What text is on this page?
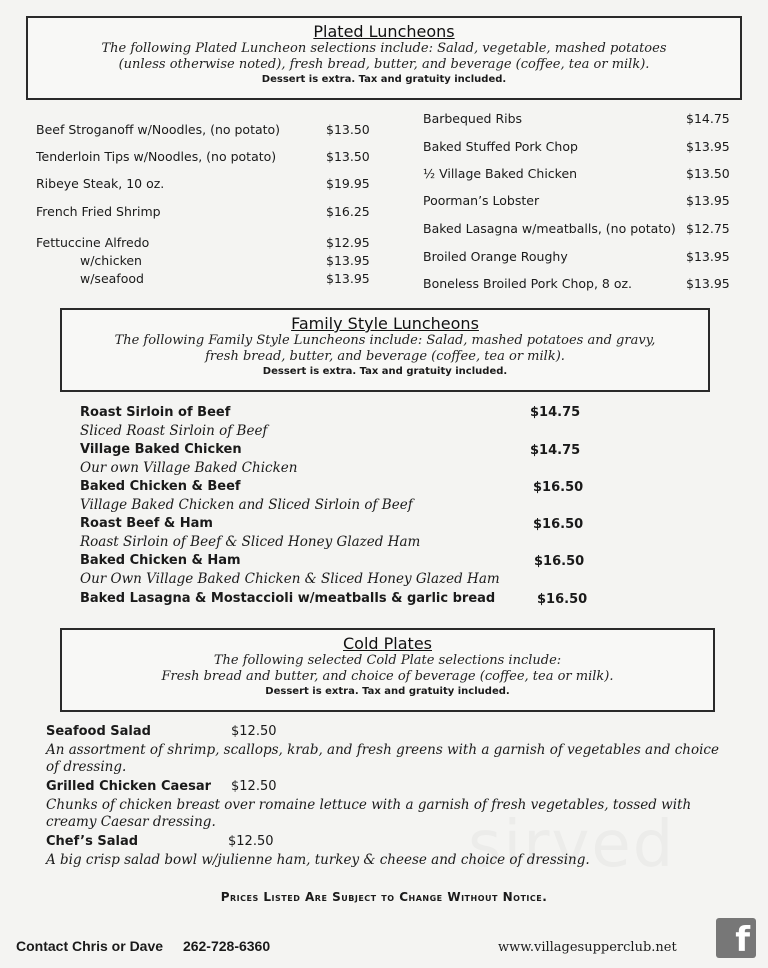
sirved
Plated Luncheons
The following Plated Luncheon selections include: Salad, vegetable, mashed potatoes
(unless otherwise noted), fresh bread, butter, and beverage (coffee, tea or milk).
Dessert is extra. Tax and gratuity included.
Beef Stroganoff w/Noodles, (no potato)	$13.50
Tenderloin Tips w/Noodles, (no potato)	$13.50
Ribeye Steak, 10 oz.	$19.95
French Fried Shrimp	$16.25
Fettuccine Alfredo	$12.95
w/chicken	$13.95
w/seafood	$13.95
Barbequed Ribs	$14.75
Baked Stuffed Pork Chop	$13.95
½ Village Baked Chicken	$13.50
Poorman’s Lobster	$13.95
Baked Lasagna w/meatballs, (no potato) $12.75
Broiled Orange Roughy	$13.95
Boneless Broiled Pork Chop, 8 oz.	$13.95
Family Style Luncheons
The following Family Style Luncheons include: Salad, mashed potatoes and gravy,
fresh bread, butter, and beverage (coffee, tea or milk).
Dessert is extra. Tax and gratuity included.
Roast Sirloin of Beef	$14.75
Sliced Roast Sirloin of Beef
Village Baked Chicken	$14.75
Our own Village Baked Chicken
Baked Chicken & Beef	$16.50
Village Baked Chicken and Sliced Sirloin of Beef
Roast Beef & Ham	$16.50
Roast Sirloin of Beef & Sliced Honey Glazed Ham
Baked Chicken & Ham	$16.50
Our Own Village Baked Chicken & Sliced Honey Glazed Ham
Baked Lasagna & Mostaccioli w/meatballs & garlic bread	$16.50
Cold Plates
The following selected Cold Plate selections include:
Fresh bread and butter, and choice of beverage (coffee, tea or milk).
Dessert is extra. Tax and gratuity included.
Seafood Salad	$12.50
An assortment of shrimp, scallops, krab, and fresh greens with a garnish of vegetables and choice of dressing.
Grilled Chicken Caesar $12.50
Chunks of chicken breast over romaine lettuce with a garnish of fresh vegetables, tossed with creamy Caesar dressing.
Chef’s Salad	$12.50
A big crisp salad bowl w/julienne ham, turkey & cheese and choice of dressing.
Prices Listed Are Subject to Change Without Notice.
Contact Chris or Dave 262-728-6360	www.villagesupperclub.net	f
